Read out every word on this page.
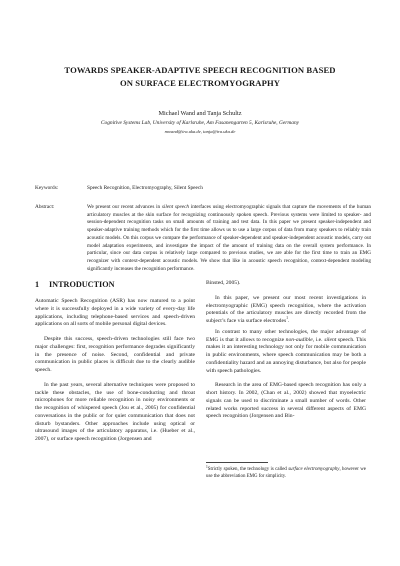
TOWARDS SPEAKER-ADAPTIVE SPEECH RECOGNITION BASED
ON SURFACE ELECTROMYOGRAPHY
Michael Wand and Tanja Schultz
Cognitive Systems Lab, University of Karlsruhe, Am Fasanengarten 5, Karlsruhe, Germany
mwand@ira.uka.de, tanja@ira.uka.de
Keywords:	Speech Recognition, Electromyography, Silent Speech
Abstract:	We present our recent advances in silent speech interfaces using electromyographic signals that capture the movements of the human articulatory muscles at the skin surface for recognizing continuously spoken speech. Previous systems were limited to speaker- and session-dependent recognition tasks on small amounts of training and test data. In this paper we present speaker-independent and speaker-adaptive training methods which for the first time allows us to use a large corpus of data from many speakers to reliably train acoustic models. On this corpus we compare the performance of speaker-dependent and speaker-independent acoustic models, carry out model adaptation experiments, and investigate the impact of the amount of training data on the overall system performance. In particular, since our data corpus is relatively large compared to previous studies, we are able for the first time to train an EMG recognizer with context-dependent acoustic models. We show that like in acoustic speech recognition, context-dependent modeling significantly increases the recognition performance.
1 INTRODUCTION

Automatic Speech Recognition (ASR) has now matured to a point where it is successfully deployed in a wide variety of every-day life applications, including telephone-based services and speech-driven applications on all sorts of mobile personal digital devices.

Despite this success, speech-driven technologies still face two major challenges: first, recognition performance degrades significantly in the presence of noise. Second, confidential and private communication in public places is difficult due to the clearly audible speech.

In the past years, several alternative techniques were proposed to tackle these obstacles, the use of bone-conducting and throat microphones for more reliable recognition in noisy environments or the recognition of whispered speech (Jou et al., 2005) for confidential conversations in the public or for quiet communication that does not disturb bystanders. Other approaches include using optical or ultrasound images of the articulatory apparatus, i.e. (Hueber et al., 2007), or surface speech recognition (Jorgensen and

Binsted, 2005).

In this paper, we present our most recent investigations in electromyographic (EMG) speech recognition, where the activation potentials of the articulatory muscles are directly recorded from the subject’s face via surface electrodes$^1$.

In contrast to many other technologies, the major advantage of EMG is that it allows to recognize non-audible, i.e. silent speech. This makes it an interesting technology not only for mobile communication in public environments, where speech communication may be both a confidentiality hazard and an annoying disturbance, but also for people with speech pathologies.

Research in the area of EMG-based speech recognition has only a short history. In 2002, (Chan et al., 2002) showed that myoelectric signals can be used to discriminate a small number of words. Other related works reported success in several different aspects of EMG speech recognition (Jorgensen and Bin-

$^1$Strictly spoken, the technology is called surface electromyography, however we use the abbreviation EMG for simplicity.
